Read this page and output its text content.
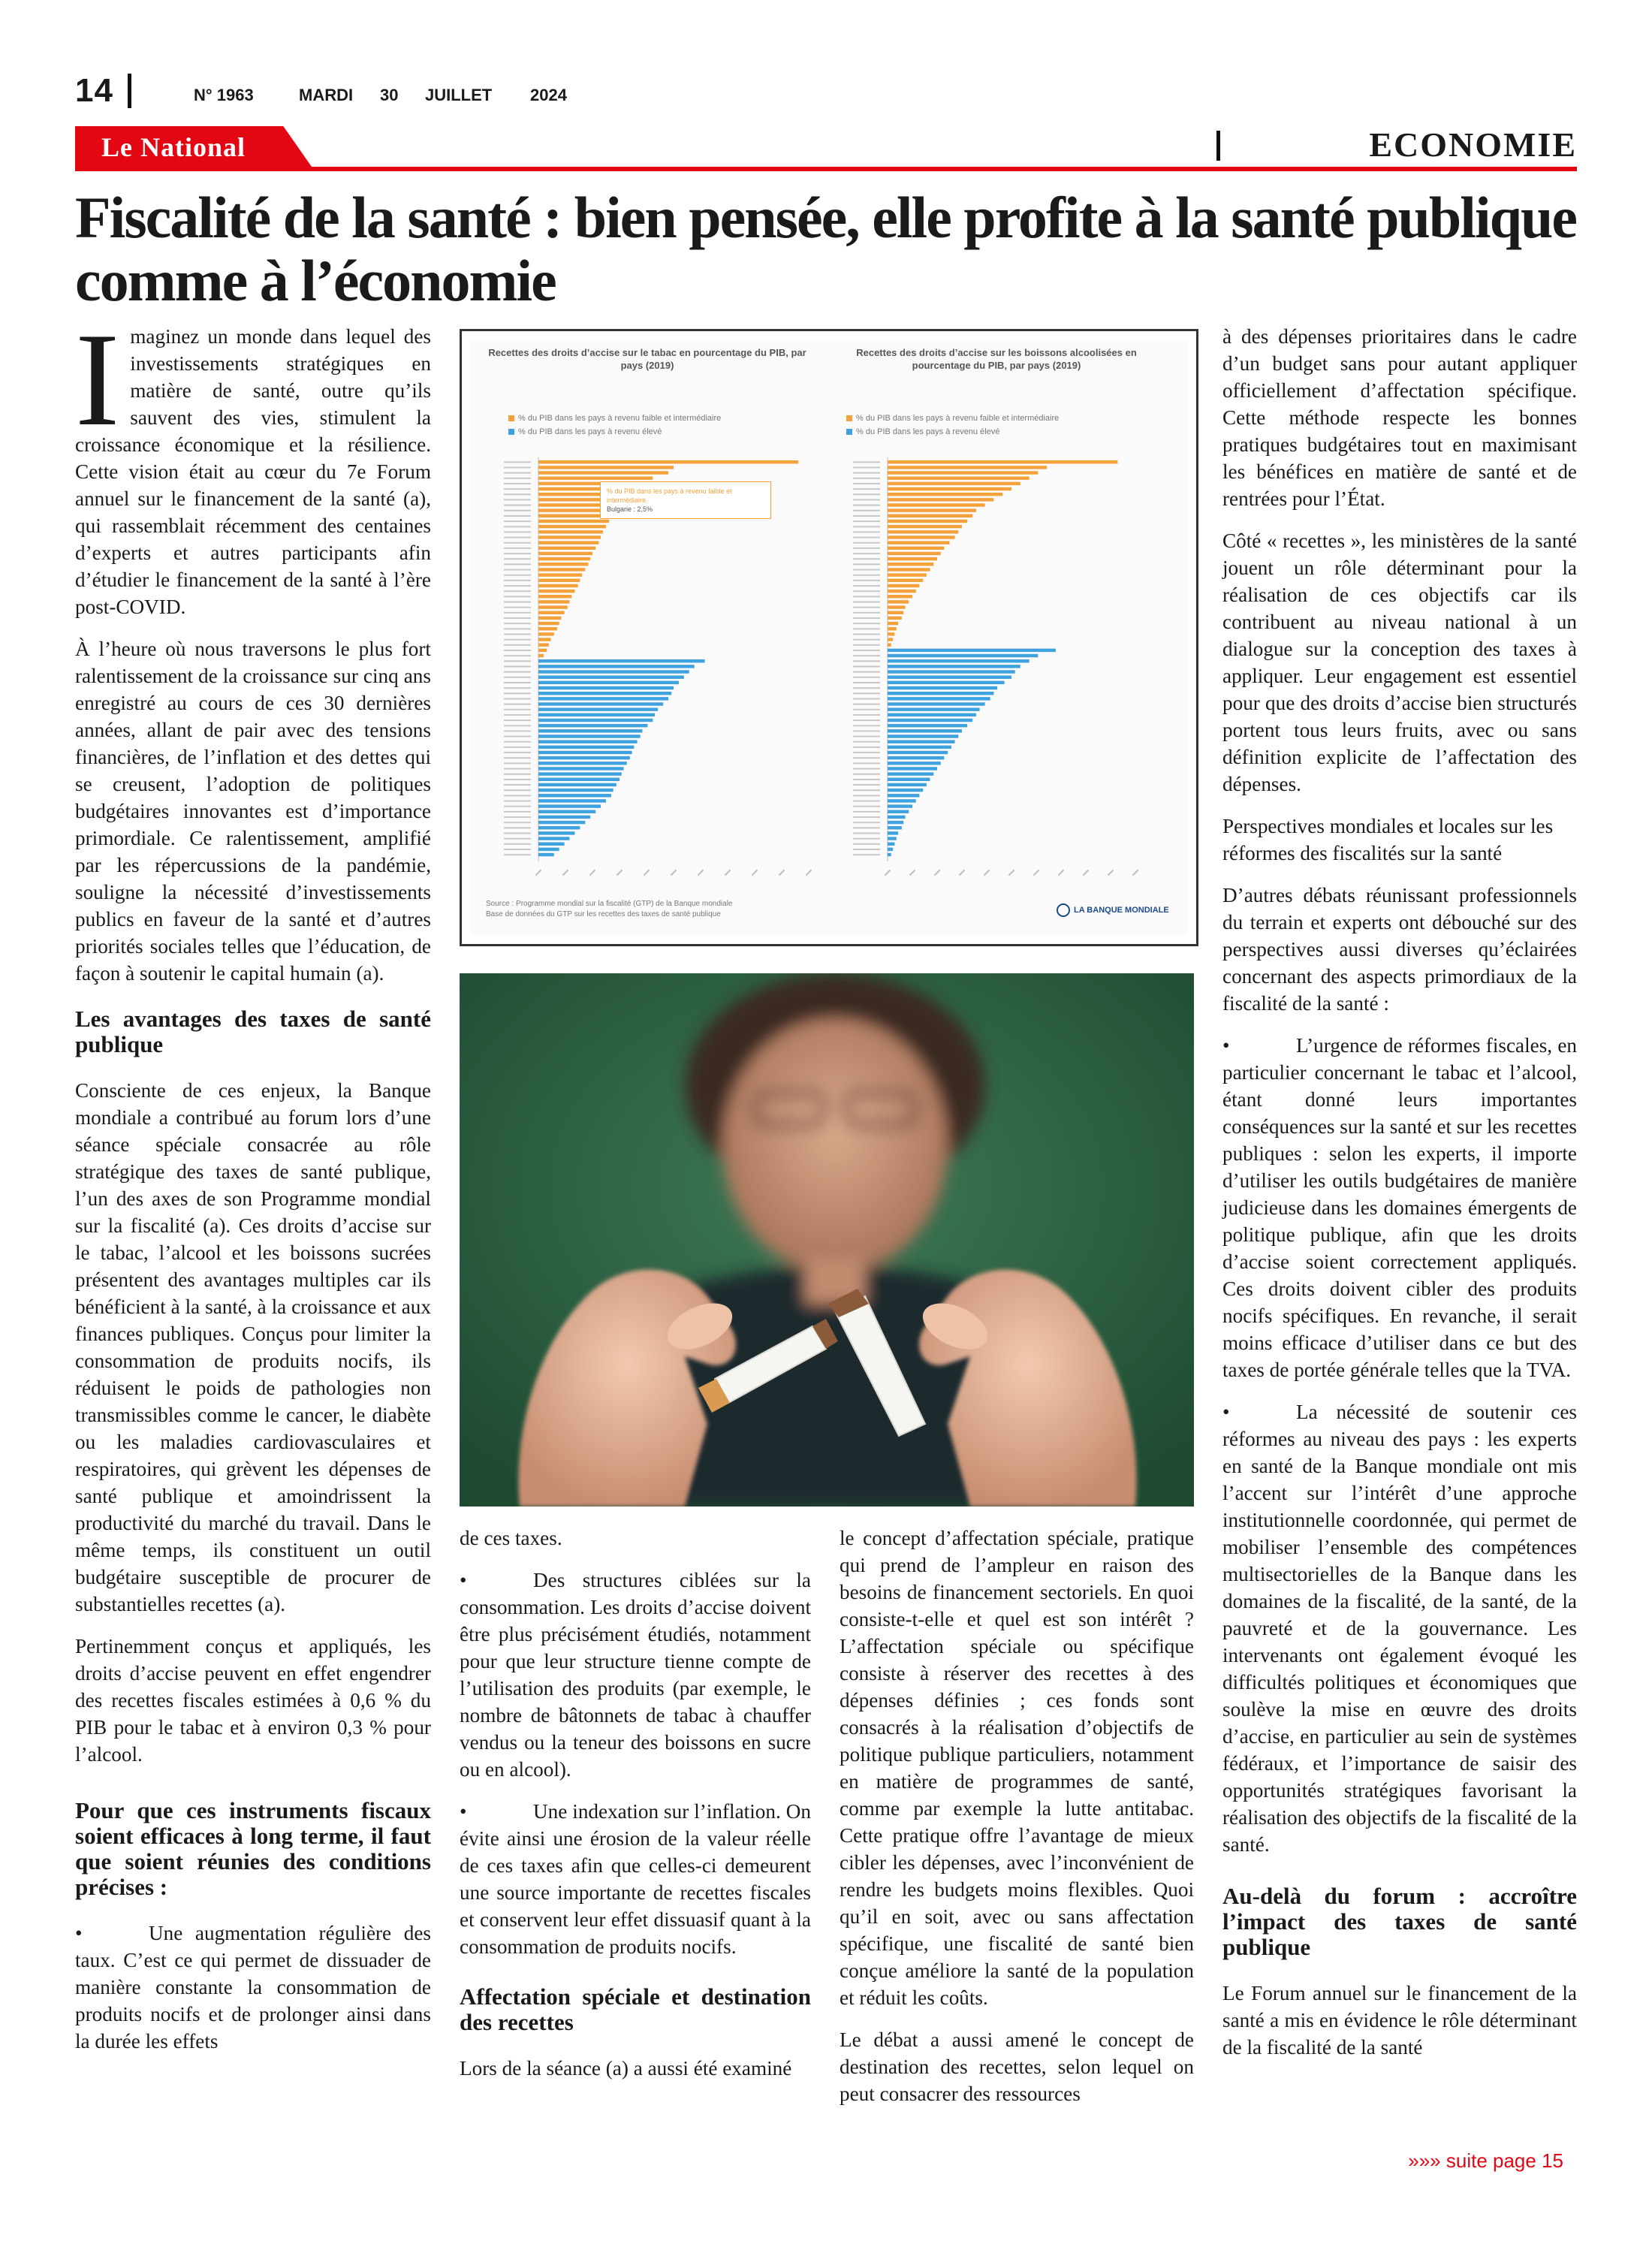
14	N° 1963	MARDI 30 JUILLET 2024
Le National	ECONOMIE
Fiscalité de la santé : bien pensée, elle profite à la santé publique comme à l’économie

Imaginez un monde dans lequel des investissements stratégiques en matière de santé, outre qu’ils sauvent des vies, stimulent la croissance économique et la résilience. Cette vision était au cœur du 7e Forum annuel sur le financement de la santé (a), qui rassemblait récemment des centaines d’experts et autres participants afin d’étudier le financement de la santé à l’ère post-COVID.

À l’heure où nous traversons le plus fort ralentissement de la croissance sur cinq ans enregistré au cours de ces 30 dernières années, allant de pair avec des tensions financières, de l’inflation et des dettes qui se creusent, l’adoption de politiques budgétaires innovantes est d’importance primordiale. Ce ralentissement, amplifié par les répercussions de la pandémie, souligne la nécessité d’investissements publics en faveur de la santé et d’autres priorités sociales telles que l’éducation, de façon à soutenir le capital humain (a).

Les avantages des taxes de santé publique

Consciente de ces enjeux, la Banque mondiale a contribué au forum lors d’une séance spéciale consacrée au rôle stratégique des taxes de santé publique, l’un des axes de son Programme mondial sur la fiscalité (a). Ces droits d’accise sur le tabac, l’alcool et les boissons sucrées présentent des avantages multiples car ils bénéficient à la santé, à la croissance et aux finances publiques. Conçus pour limiter la consommation de produits nocifs, ils réduisent le poids de pathologies non transmissibles comme le cancer, le diabète ou les maladies cardiovasculaires et respiratoires, qui grèvent les dépenses de santé publique et amoindrissent la productivité du marché du travail. Dans le même temps, ils constituent un outil budgétaire susceptible de procurer de substantielles recettes (a).

Pertinemment conçus et appliqués, les droits d’accise peuvent en effet engendrer des recettes fiscales estimées à 0,6 % du PIB pour le tabac et à environ 0,3 % pour l’alcool.

Pour que ces instruments fiscaux soient efficaces à long terme, il faut que soient réunies des conditions précises :

•	Une augmentation régulière des taux. C’est ce qui permet de dissuader de manière constante la consommation de produits nocifs et de prolonger ainsi dans la durée les effets

Recettes des droits d’accise sur le tabac en pourcentage du PIB, par pays (2019)
Recettes des droits d’accise sur les boissons alcoolisées en pourcentage du PIB, par pays (2019)
% du PIB dans les pays à revenu faible et intermédiaire
% du PIB dans les pays à revenu élevé
% du PIB dans les pays à revenu faible et intermédiaire
% du PIB dans les pays à revenu élevé
% du PIB dans les pays à revenu faible et intermédiaire
Bulgarie : 2,5%
Source : Programme mondial sur la fiscalité (GTP) de la Banque mondiale
Base de données du GTP sur les recettes des taxes de santé publique	LA BANQUE MONDIALE

de ces taxes.

•	Des structures ciblées sur la consommation. Les droits d’accise doivent être plus précisément étudiés, notamment pour que leur structure tienne compte de l’utilisation des produits (par exemple, le nombre de bâtonnets de tabac à chauffer vendus ou la teneur des boissons en sucre ou en alcool).

•	Une indexation sur l’inflation. On évite ainsi une érosion de la valeur réelle de ces taxes afin que celles-ci demeurent une source importante de recettes fiscales et conservent leur effet dissuasif quant à la consommation de produits nocifs.

Affectation spéciale et destination des recettes

Lors de la séance (a) a aussi été examiné

le concept d’affectation spéciale, pratique qui prend de l’ampleur en raison des besoins de financement sectoriels. En quoi consiste-t-elle et quel est son intérêt ? L’affectation spéciale ou spécifique consiste à réserver des recettes à des dépenses définies ; ces fonds sont consacrés à la réalisation d’objectifs de politique publique particuliers, notamment en matière de programmes de santé, comme par exemple la lutte antitabac. Cette pratique offre l’avantage de mieux cibler les dépenses, avec l’inconvénient de rendre les budgets moins flexibles. Quoi qu’il en soit, avec ou sans affectation spécifique, une fiscalité de santé bien conçue améliore la santé de la population et réduit les coûts.

Le débat a aussi amené le concept de destination des recettes, selon lequel on peut consacrer des ressources

à des dépenses prioritaires dans le cadre d’un budget sans pour autant appliquer officiellement d’affectation spécifique. Cette méthode respecte les bonnes pratiques budgétaires tout en maximisant les bénéfices en matière de santé et de rentrées pour l’État.

Côté « recettes », les ministères de la santé jouent un rôle déterminant pour la réalisation de ces objectifs car ils contribuent au niveau national à un dialogue sur la conception des taxes à appliquer. Leur engagement est essentiel pour que des droits d’accise bien structurés portent tous leurs fruits, avec ou sans définition explicite de l’affectation des dépenses.

Perspectives mondiales et locales sur les réformes des fiscalités sur la santé

D’autres débats réunissant professionnels du terrain et experts ont débouché sur des perspectives aussi diverses qu’éclairées concernant des aspects primordiaux de la fiscalité de la santé :

•	L’urgence de réformes fiscales, en particulier concernant le tabac et l’alcool, étant donné leurs importantes conséquences sur la santé et sur les recettes publiques : selon les experts, il importe d’utiliser les outils budgétaires de manière judicieuse dans les domaines émergents de politique publique, afin que les droits d’accise soient correctement appliqués. Ces droits doivent cibler des produits nocifs spécifiques. En revanche, il serait moins efficace d’utiliser dans ce but des taxes de portée générale telles que la TVA.

•	La nécessité de soutenir ces réformes au niveau des pays : les experts en santé de la Banque mondiale ont mis l’accent sur l’intérêt d’une approche institutionnelle coordonnée, qui permet de mobiliser l’ensemble des compétences multisectorielles de la Banque dans les domaines de la fiscalité, de la santé, de la pauvreté et de la gouvernance. Les intervenants ont également évoqué les difficultés politiques et économiques que soulève la mise en œuvre des droits d’accise, en particulier au sein de systèmes fédéraux, et l’importance de saisir des opportunités stratégiques favorisant la réalisation des objectifs de la fiscalité de la santé.

Au-delà du forum : accroître l’impact des taxes de santé publique

Le Forum annuel sur le financement de la santé a mis en évidence le rôle déterminant de la fiscalité de la santé

»»» suite page 15
